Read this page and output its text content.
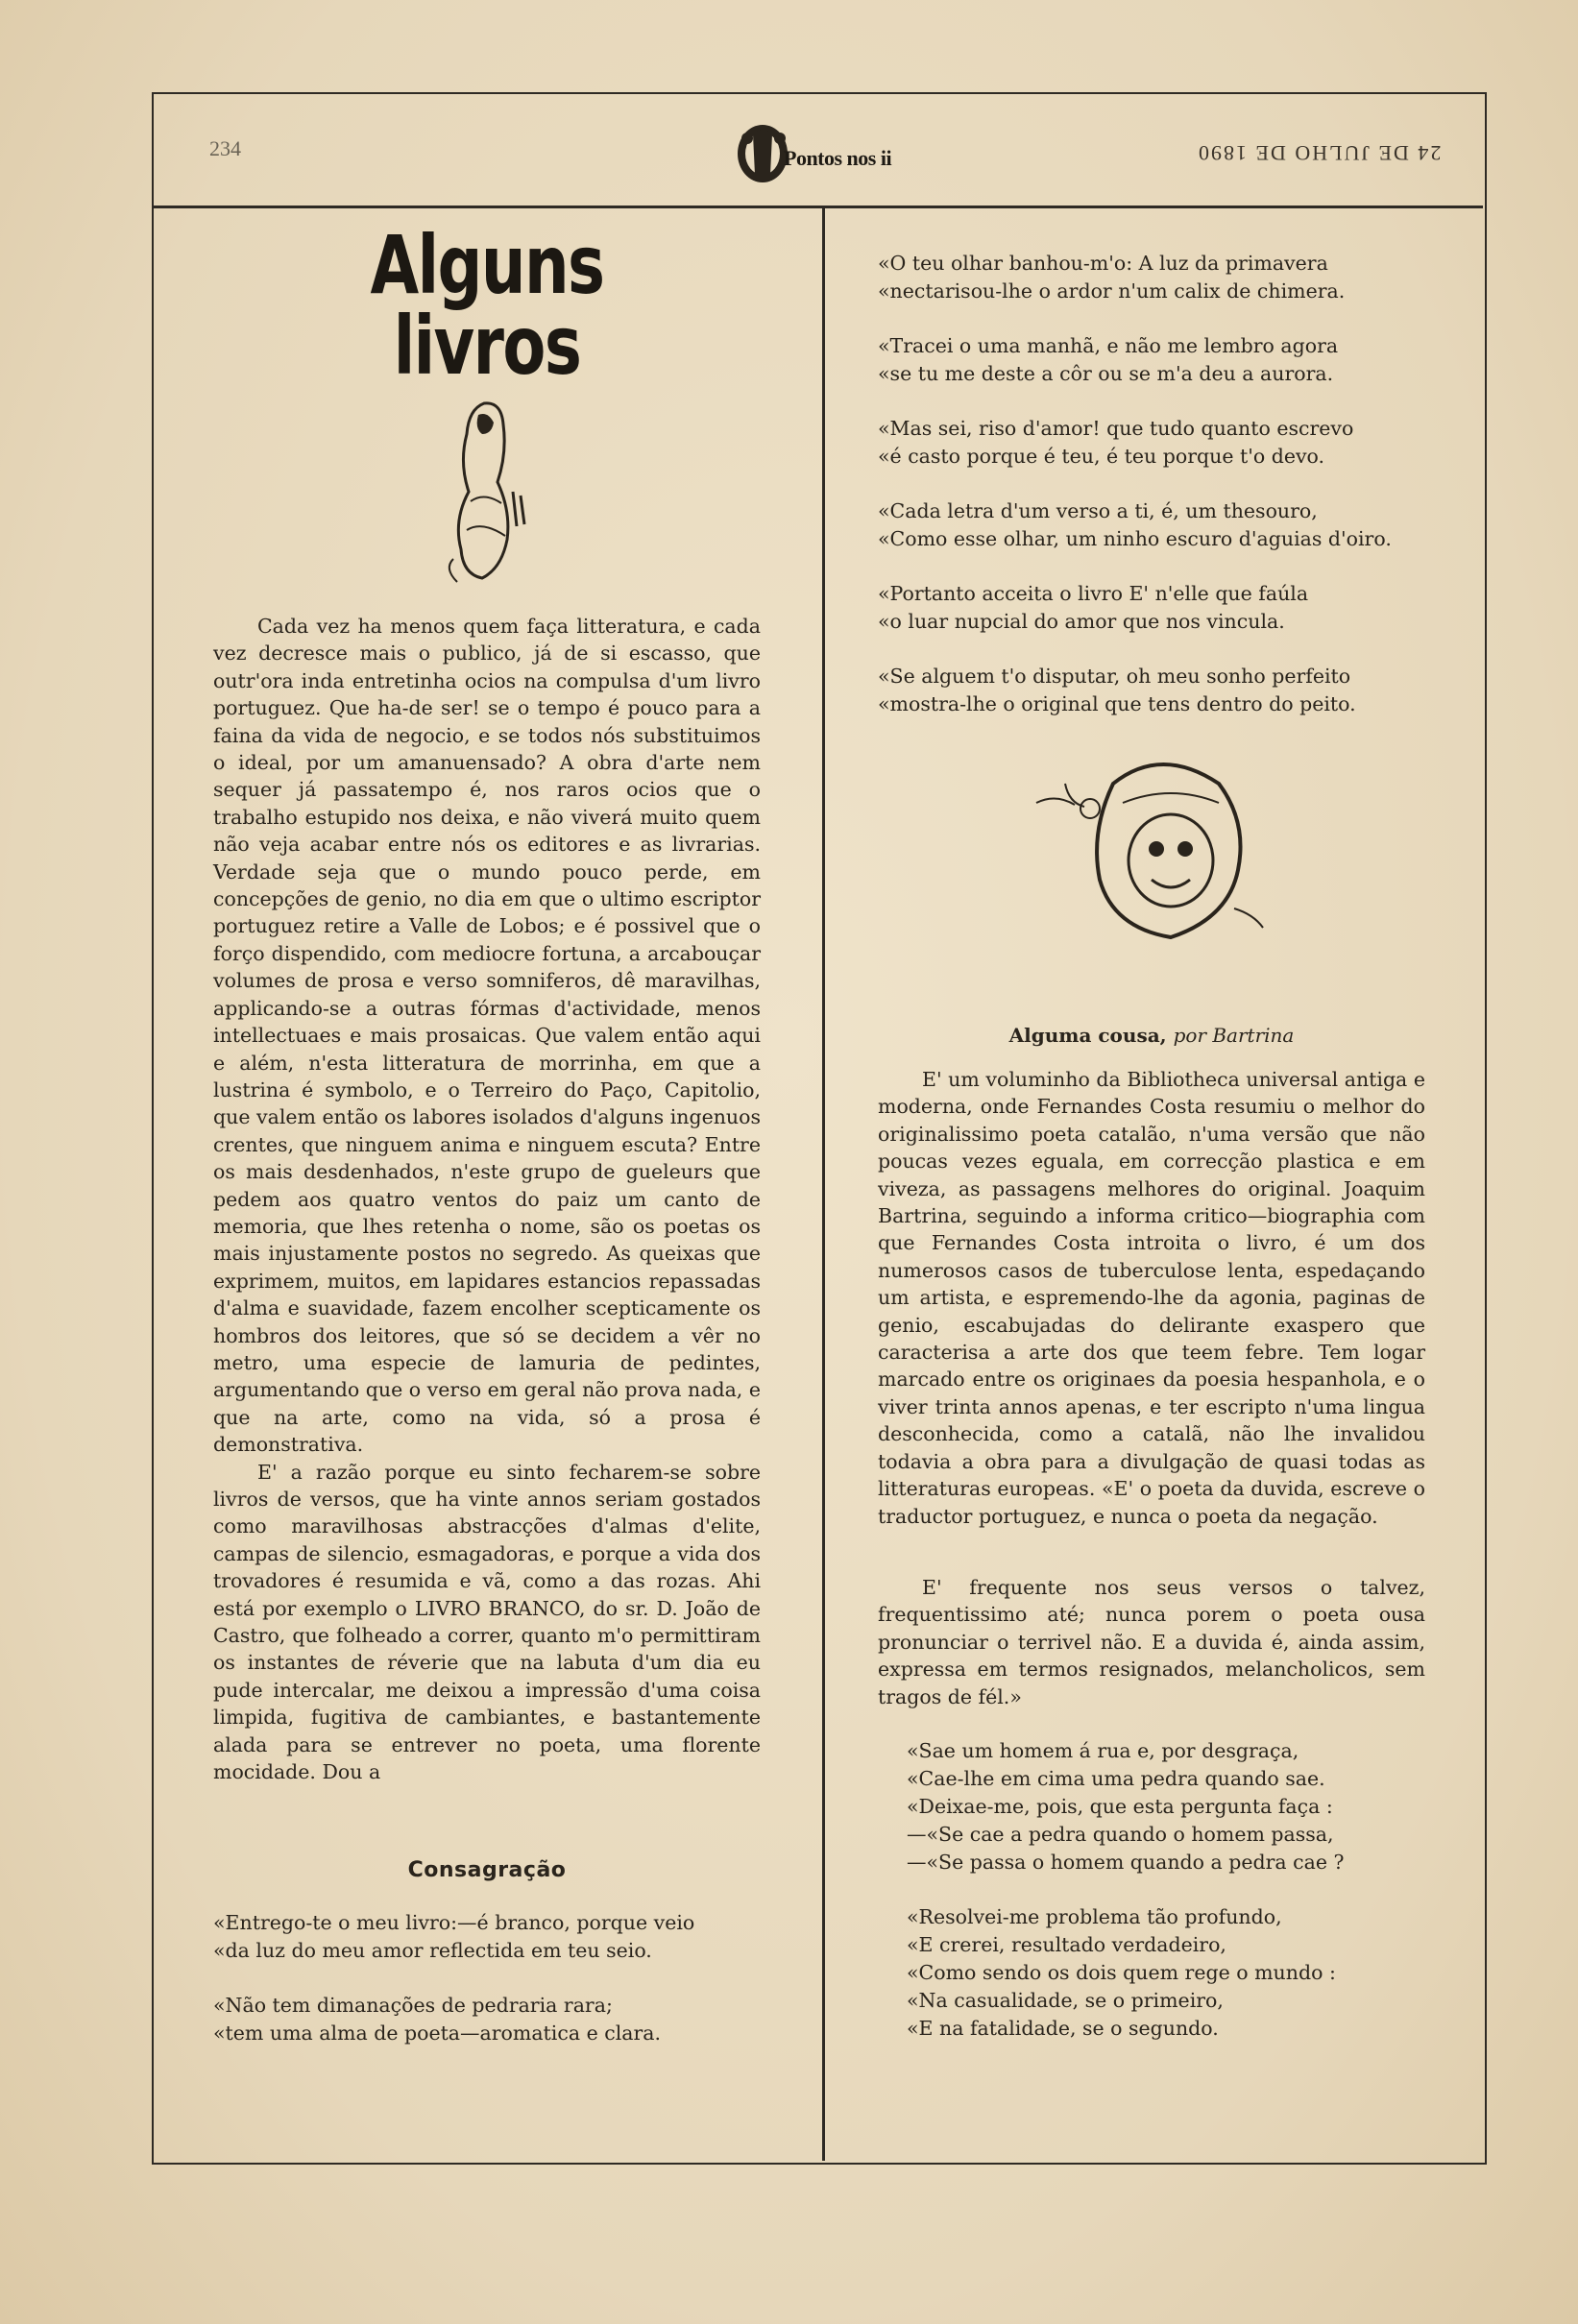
234	Pontos nos ii	24 DE JULHO DE 1890
Alguns livros

Cada vez ha menos quem faça litteratura, e cada vez decresce mais o publico, já de si escasso, que outr'ora inda entretinha ocios na compulsa d'um livro portuguez. Que ha-de ser! se o tempo é pouco para a faina da vida de negocio, e se todos nós substituimos o ideal, por um amanuensado? A obra d'arte nem sequer já passatempo é, nos raros ocios que o trabalho estupido nos deixa, e não viverá muito quem não veja acabar entre nós os editores e as livrarias. Verdade seja que o mundo pouco perde, em concepções de genio, no dia em que o ultimo escriptor portuguez retire a Valle de Lobos; e é possivel que o forço dispendido, com mediocre fortuna, a arcabouçar volumes de prosa e verso somniferos, dê maravilhas, applicando-se a outras fórmas d'actividade, menos intellectuaes e mais prosaicas. Que valem então aqui e além, n'esta litteratura de morrinha, em que a lustrina é symbolo, e o Terreiro do Paço, Capitolio, que valem então os labores isolados d'alguns ingenuos crentes, que ninguem anima e ninguem escuta? Entre os mais desdenhados, n'este grupo de gueleurs que pedem aos quatro ventos do paiz um canto de memoria, que lhes retenha o nome, são os poetas os mais injustamente postos no segredo. As queixas que exprimem, muitos, em lapidares estancios repassadas d'alma e suavidade, fazem encolher scepticamente os hombros dos leitores, que só se decidem a vêr no metro, uma especie de lamuria de pedintes, argumentando que o verso em geral não prova nada, e que na arte, como na vida, só a prosa é demonstrativa.

E' a razão porque eu sinto fecharem-se sobre livros de versos, que ha vinte annos seriam gostados como maravilhosas abstracções d'almas d'elite, campas de silencio, esmagadoras, e porque a vida dos trovadores é resumida e vã, como a das rozas. Ahi está por exemplo o LIVRO BRANCO, do sr. D. João de Castro, que folheado a correr, quanto m'o permittiram os instantes de réverie que na labuta d'um dia eu pude intercalar, me deixou a impressão d'uma coisa limpida, fugitiva de cambiantes, e bastantemente alada para se entrever no poeta, uma florente mocidade. Dou a

Consagração
«Entrego-te o meu livro:—é branco, porque veio
«da luz do meu amor reflectida em teu seio.
«Não tem dimanações de pedraria rara;
«tem uma alma de poeta—aromatica e clara.
«O teu olhar banhou-m'o: A luz da primavera
«nectarisou-lhe o ardor n'um calix de chimera.
«Tracei o uma manhã, e não me lembro agora
«se tu me deste a côr ou se m'a deu a aurora.
«Mas sei, riso d'amor! que tudo quanto escrevo
«é casto porque é teu, é teu porque t'o devo.
«Cada letra d'um verso a ti, é, um thesouro,
«Como esse olhar, um ninho escuro d'aguias d'oiro.
«Portanto acceita o livro E' n'elle que faúla
«o luar nupcial do amor que nos vincula.
«Se alguem t'o disputar, oh meu sonho perfeito
«mostra-lhe o original que tens dentro do peito.
Alguma cousa, por Bartrina

E' um voluminho da Bibliotheca universal antiga e moderna, onde Fernandes Costa resumiu o melhor do originalissimo poeta catalão, n'uma versão que não poucas vezes eguala, em correcção plastica e em viveza, as passagens melhores do original. Joaquim Bartrina, seguindo a informa critico—biographia com que Fernandes Costa introita o livro, é um dos numerosos casos de tuberculose lenta, espedaçando um artista, e espremendo-lhe da agonia, paginas de genio, escabujadas do delirante exaspero que caracterisa a arte dos que teem febre. Tem logar marcado entre os originaes da poesia hespanhola, e o viver trinta annos apenas, e ter escripto n'uma lingua desconhecida, como a catalã, não lhe invalidou todavia a obra para a divulgação de quasi todas as litteraturas europeas. «E' o poeta da duvida, escreve o traductor portuguez, e nunca o poeta da negação.

E' frequente nos seus versos o talvez, frequentissimo até; nunca porem o poeta ousa pronunciar o terrivel não. E a duvida é, ainda assim, expressa em termos resignados, melancholicos, sem tragos de fél.»

«Sae um homem á rua e, por desgraça,
«Cae-lhe em cima uma pedra quando sae.
«Deixae-me, pois, que esta pergunta faça :
—«Se cae a pedra quando o homem passa,
—«Se passa o homem quando a pedra cae ?
«Resolvei-me problema tão profundo,
«E crerei, resultado verdadeiro,
«Como sendo os dois quem rege o mundo :
«Na casualidade, se o primeiro,
«E na fatalidade, se o segundo.
